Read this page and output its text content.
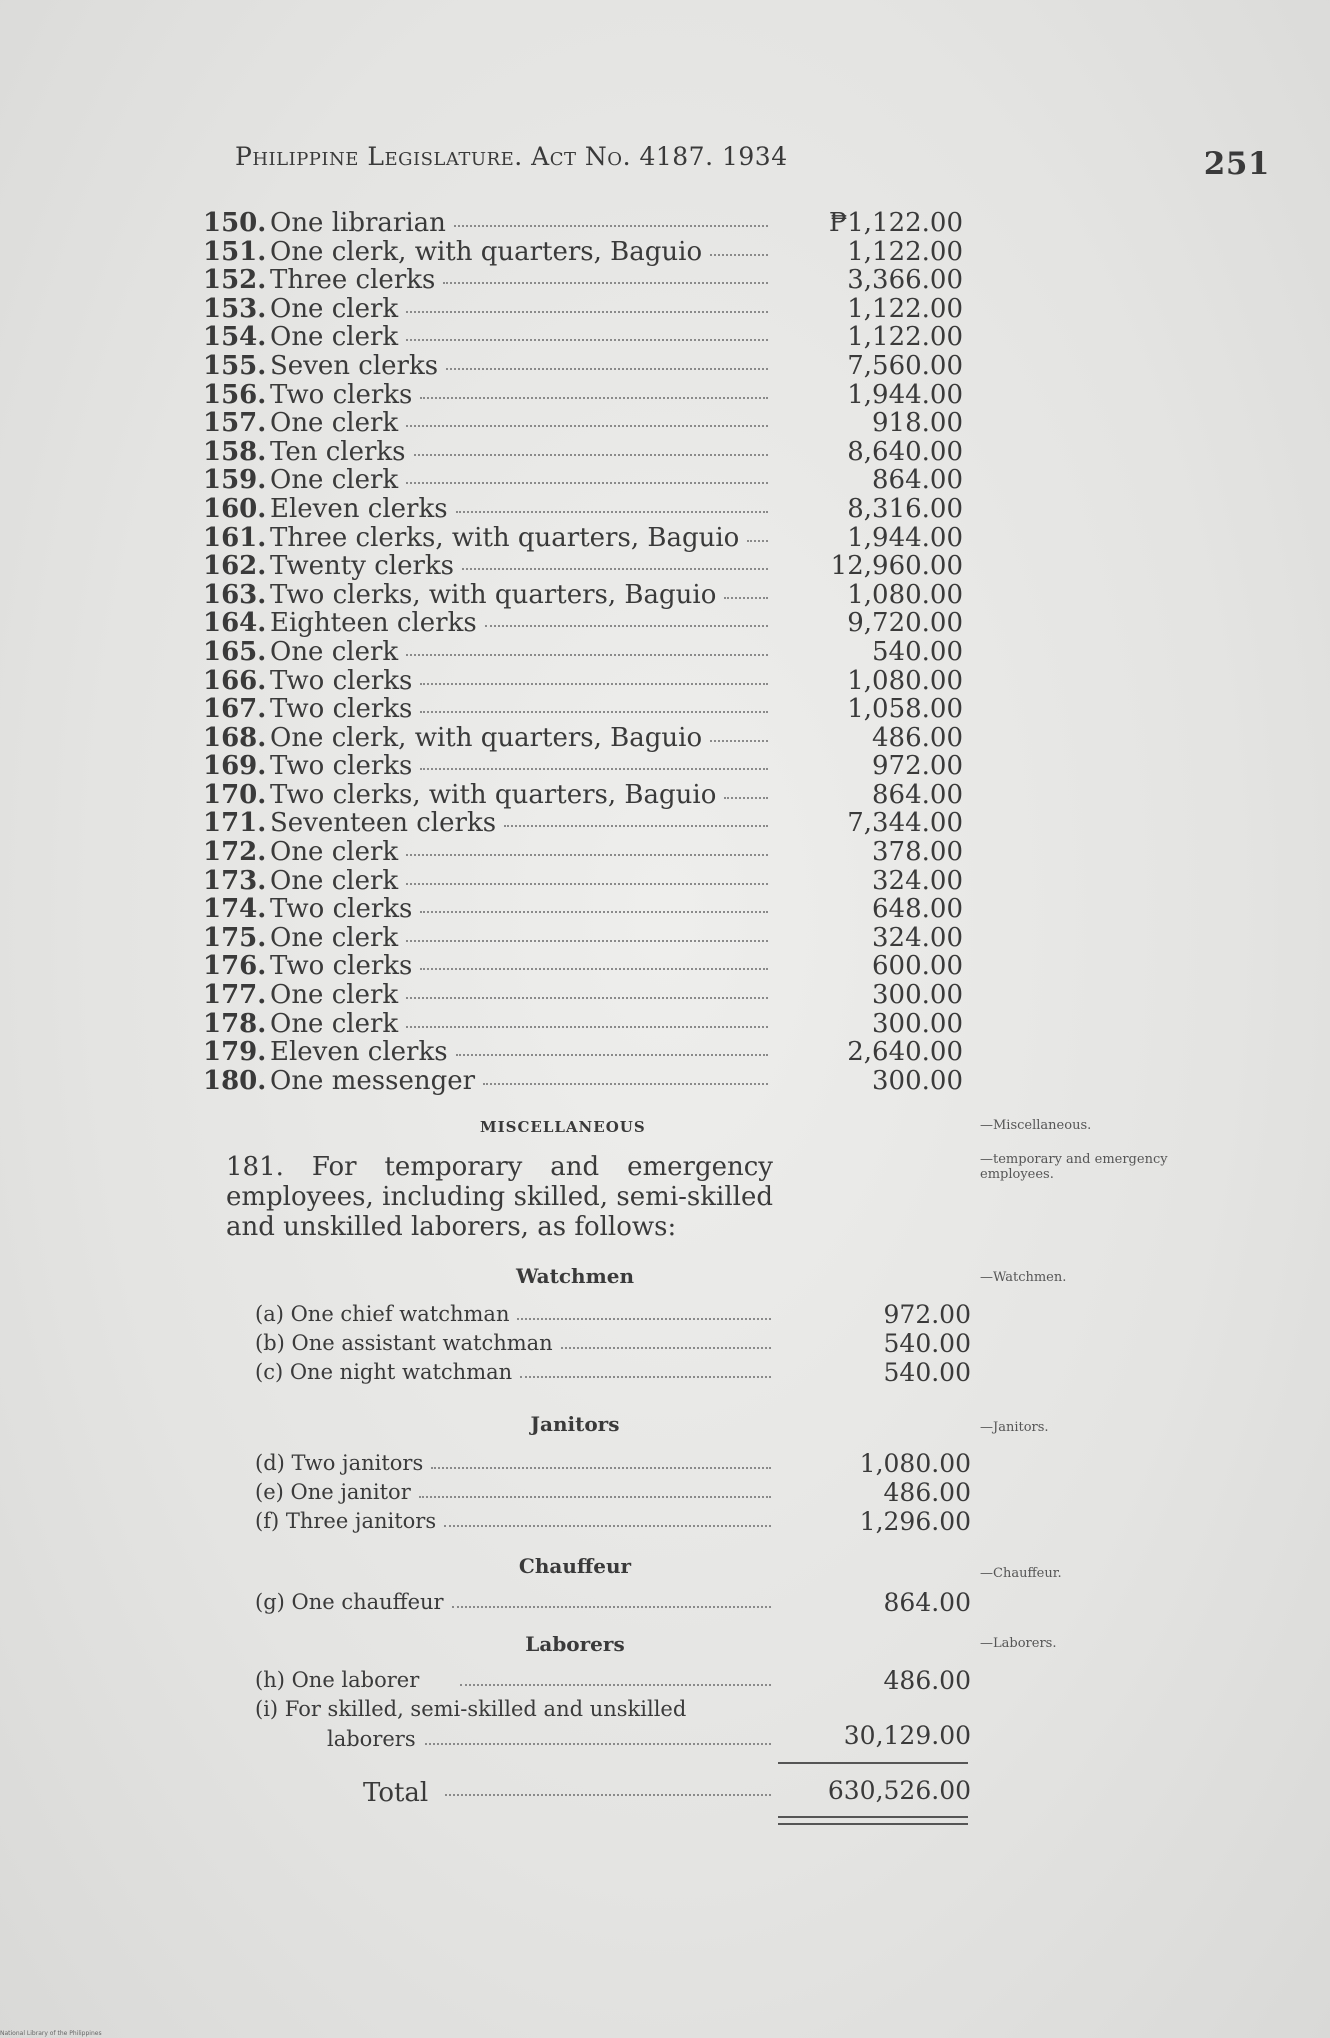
Philippine Legislature. Act No. 4187. 1934	251
150. One librarian	₱1,122.00
151. One clerk, with quarters, Baguio	1,122.00
152. Three clerks	3,366.00
153. One clerk	1,122.00
154. One clerk	1,122.00
155. Seven clerks	7,560.00
156. Two clerks	1,944.00
157. One clerk	918.00
158. Ten clerks	8,640.00
159. One clerk	864.00
160. Eleven clerks	8,316.00
161. Three clerks, with quarters, Baguio	1,944.00
162. Twenty clerks	12,960.00
163. Two clerks, with quarters, Baguio	1,080.00
164. Eighteen clerks	9,720.00
165. One clerk	540.00
166. Two clerks	1,080.00
167. Two clerks	1,058.00
168. One clerk, with quarters, Baguio	486.00
169. Two clerks	972.00
170. Two clerks, with quarters, Baguio	864.00
171. Seventeen clerks	7,344.00
172. One clerk	378.00
173. One clerk	324.00
174. Two clerks	648.00
175. One clerk	324.00
176. Two clerks	600.00
177. One clerk	300.00
178. One clerk	300.00
179. Eleven clerks	2,640.00
180. One messenger	300.00
MISCELLANEOUS	—Miscellaneous.
—temporary and emergency employees.
181. For temporary and emergency employees, including skilled, semi-skilled and unskilled laborers, as follows:
Watchmen	—Watchmen.
(a) One chief watchman	972.00
(b) One assistant watchman	540.00
(c) One night watchman	540.00
Janitors	—Janitors.
(d) Two janitors	1,080.00
(e) One janitor	486.00
(f) Three janitors	1,296.00
Chauffeur	—Chauffeur.
(g) One chauffeur	864.00
Laborers	—Laborers.
(h) One laborer	486.00
(i) For skilled, semi-skilled and unskilled
laborers	30,129.00
Total	630,526.00
National Library of the Philippines
